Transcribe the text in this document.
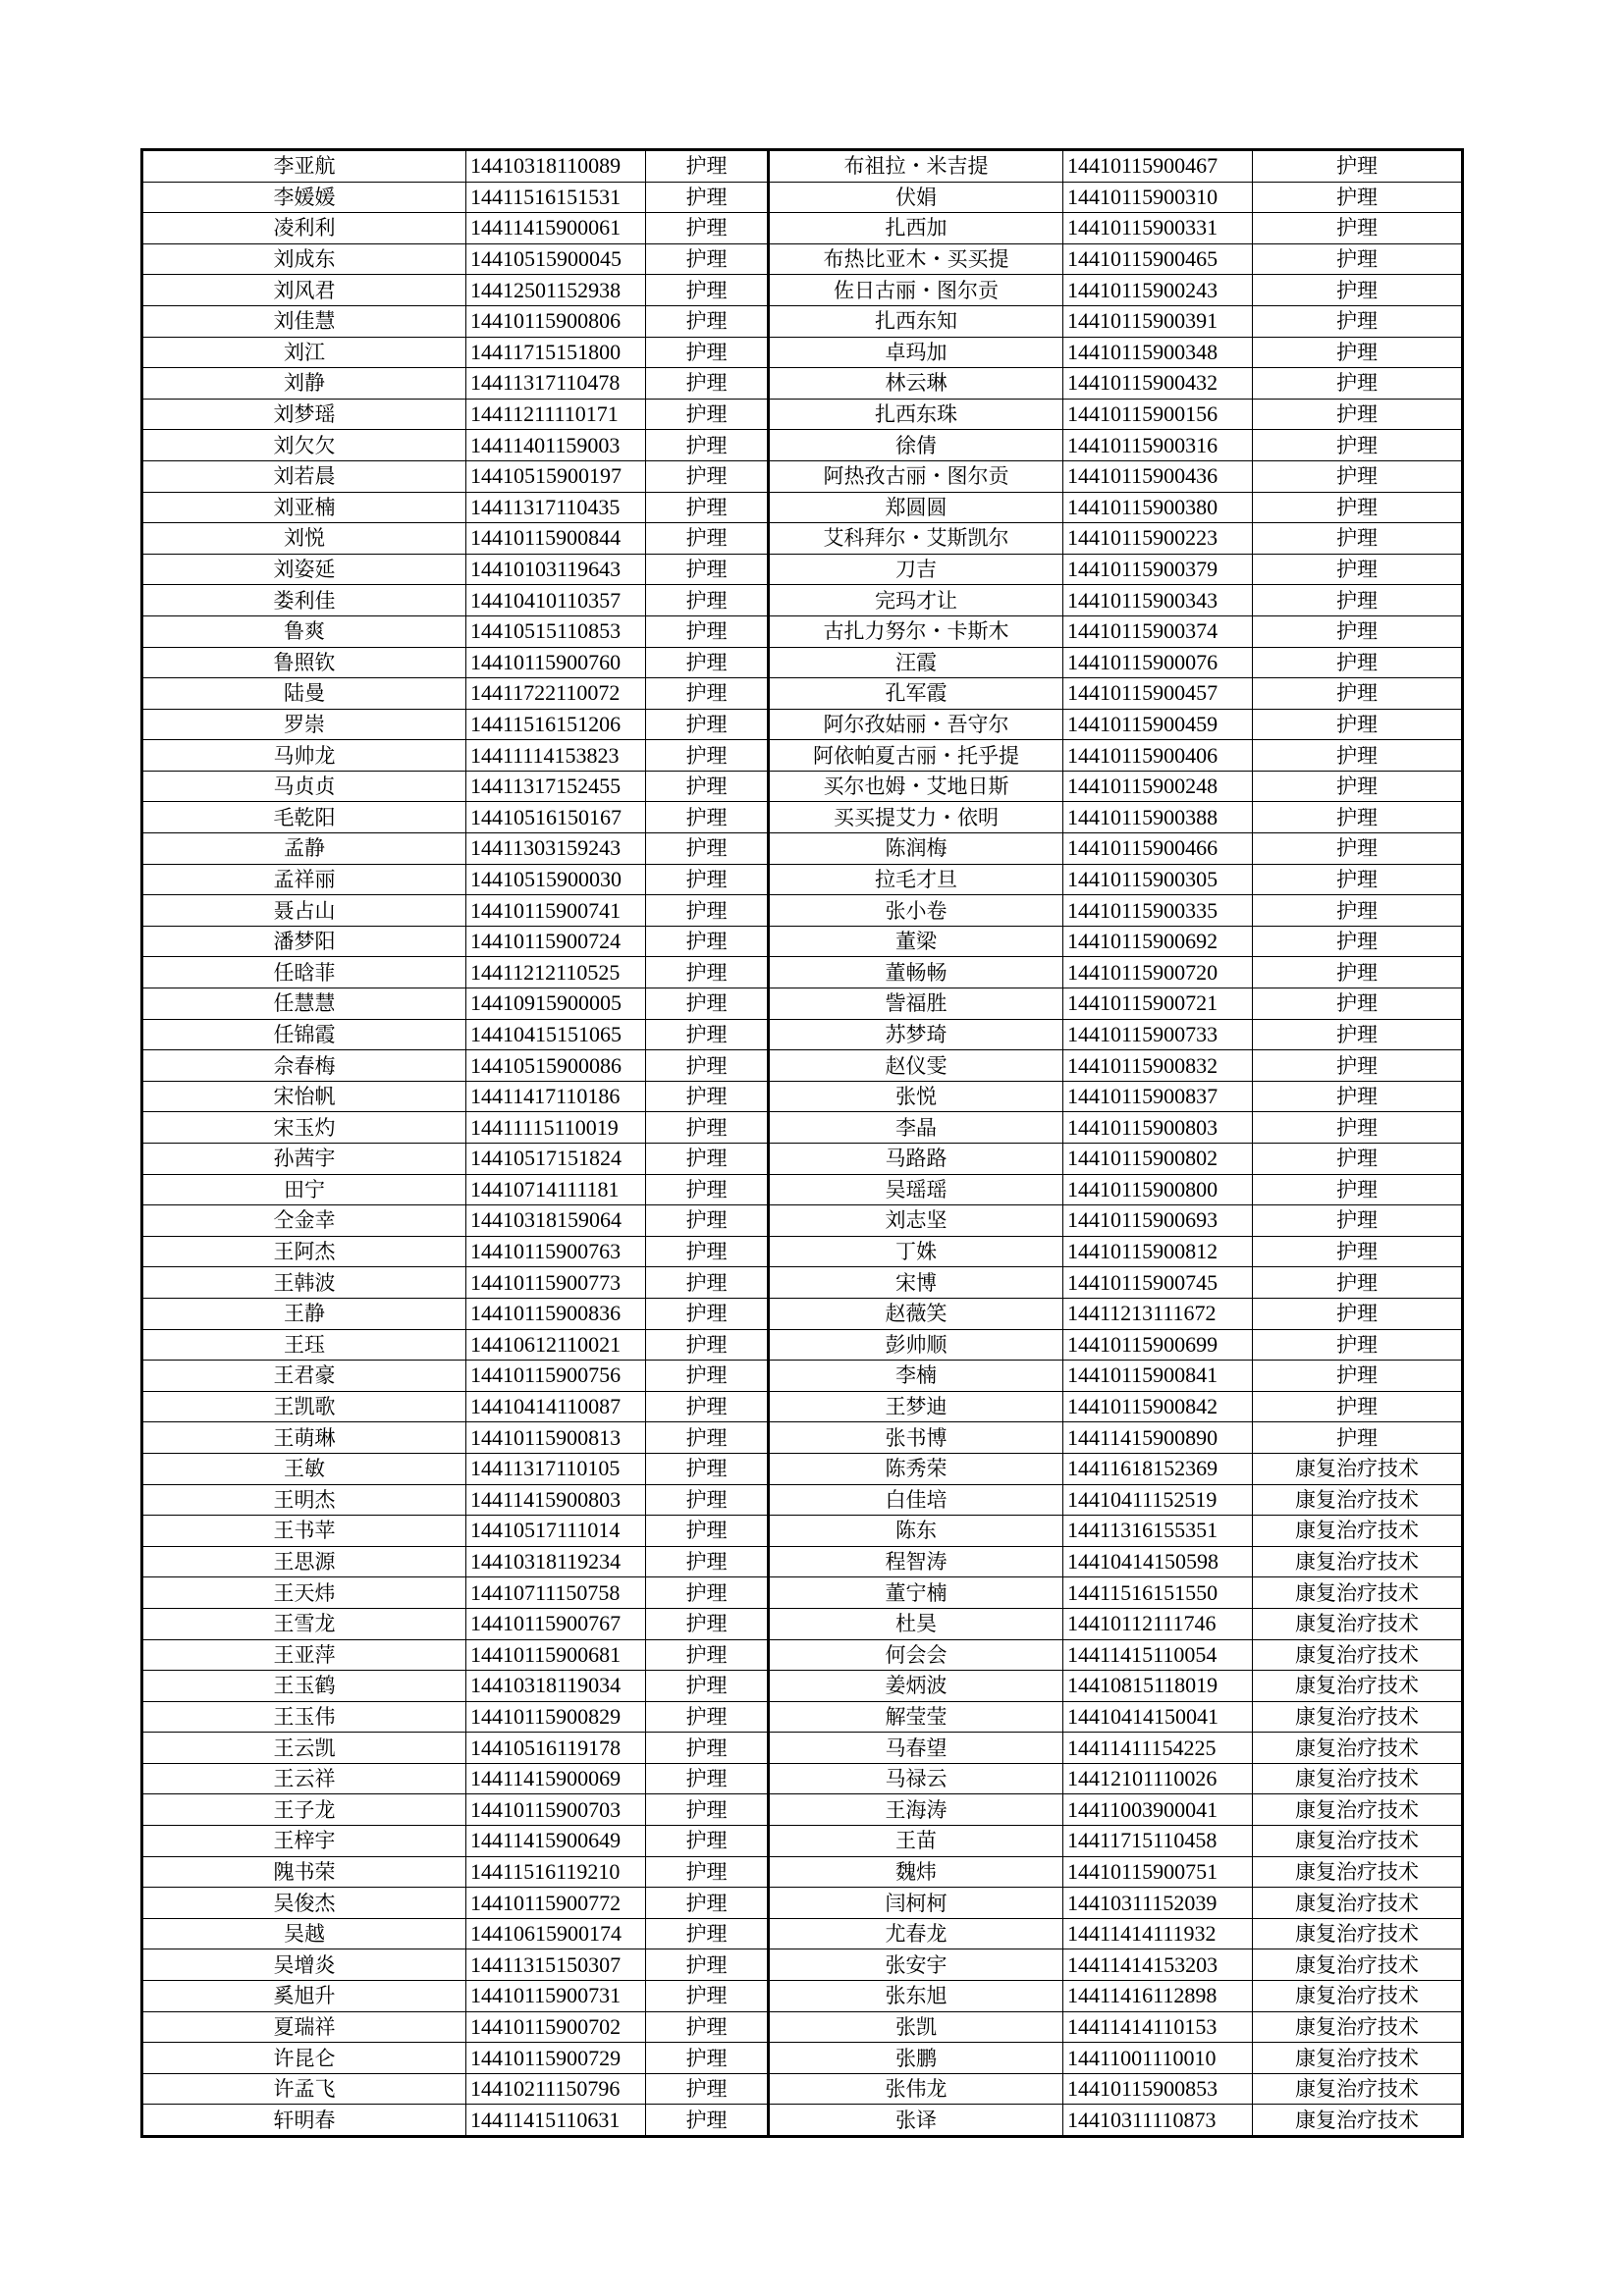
李亚航	14410318110089	护理	布祖拉・米吉提	14410115900467	护理
李媛媛	14411516151531	护理	伏娟	14410115900310	护理
凌利利	14411415900061	护理	扎西加	14410115900331	护理
刘成东	14410515900045	护理	布热比亚木・买买提	14410115900465	护理
刘风君	14412501152938	护理	佐日古丽・图尔贡	14410115900243	护理
刘佳慧	14410115900806	护理	扎西东知	14410115900391	护理
刘江	14411715151800	护理	卓玛加	14410115900348	护理
刘静	14411317110478	护理	林云琳	14410115900432	护理
刘梦瑶	14411211110171	护理	扎西东珠	14410115900156	护理
刘欠欠	14411401159003	护理	徐倩	14410115900316	护理
刘若晨	14410515900197	护理	阿热孜古丽・图尔贡	14410115900436	护理
刘亚楠	14411317110435	护理	郑圆圆	14410115900380	护理
刘悦	14410115900844	护理	艾科拜尔・艾斯凯尔	14410115900223	护理
刘姿延	14410103119643	护理	刀吉	14410115900379	护理
娄利佳	14410410110357	护理	完玛才让	14410115900343	护理
鲁爽	14410515110853	护理	古扎力努尔・卡斯木	14410115900374	护理
鲁照钦	14410115900760	护理	汪霞	14410115900076	护理
陆曼	14411722110072	护理	孔军霞	14410115900457	护理
罗崇	14411516151206	护理	阿尔孜姑丽・吾守尔	14410115900459	护理
马帅龙	14411114153823	护理	阿依帕夏古丽・托乎提	14410115900406	护理
马贞贞	14411317152455	护理	买尔也姆・艾地日斯	14410115900248	护理
毛乾阳	14410516150167	护理	买买提艾力・依明	14410115900388	护理
孟静	14411303159243	护理	陈润梅	14410115900466	护理
孟祥丽	14410515900030	护理	拉毛才旦	14410115900305	护理
聂占山	14410115900741	护理	张小卷	14410115900335	护理
潘梦阳	14410115900724	护理	董梁	14410115900692	护理
任晗菲	14411212110525	护理	董畅畅	14410115900720	护理
任慧慧	14410915900005	护理	訾福胜	14410115900721	护理
任锦霞	14410415151065	护理	苏梦琦	14410115900733	护理
佘春梅	14410515900086	护理	赵仪雯	14410115900832	护理
宋怡帆	14411417110186	护理	张悦	14410115900837	护理
宋玉灼	14411115110019	护理	李晶	14410115900803	护理
孙茜宇	14410517151824	护理	马路路	14410115900802	护理
田宁	14410714111181	护理	吴瑶瑶	14410115900800	护理
仝金幸	14410318159064	护理	刘志坚	14410115900693	护理
王阿杰	14410115900763	护理	丁姝	14410115900812	护理
王韩波	14410115900773	护理	宋博	14410115900745	护理
王静	14410115900836	护理	赵薇笑	14411213111672	护理
王珏	14410612110021	护理	彭帅顺	14410115900699	护理
王君豪	14410115900756	护理	李楠	14410115900841	护理
王凯歌	14410414110087	护理	王梦迪	14410115900842	护理
王萌琳	14410115900813	护理	张书博	14411415900890	护理
王敏	14411317110105	护理	陈秀荣	14411618152369	康复治疗技术
王明杰	14411415900803	护理	白佳培	14410411152519	康复治疗技术
王书苹	14410517111014	护理	陈东	14411316155351	康复治疗技术
王思源	14410318119234	护理	程智涛	14410414150598	康复治疗技术
王天炜	14410711150758	护理	董宁楠	14411516151550	康复治疗技术
王雪龙	14410115900767	护理	杜昊	14410112111746	康复治疗技术
王亚萍	14410115900681	护理	何会会	14411415110054	康复治疗技术
王玉鹤	14410318119034	护理	姜炳波	14410815118019	康复治疗技术
王玉伟	14410115900829	护理	解莹莹	14410414150041	康复治疗技术
王云凯	14410516119178	护理	马春望	14411411154225	康复治疗技术
王云祥	14411415900069	护理	马禄云	14412101110026	康复治疗技术
王子龙	14410115900703	护理	王海涛	14411003900041	康复治疗技术
王梓宇	14411415900649	护理	王苗	14411715110458	康复治疗技术
隗书荣	14411516119210	护理	魏炜	14410115900751	康复治疗技术
吴俊杰	14410115900772	护理	闫柯柯	14410311152039	康复治疗技术
吴越	14410615900174	护理	尤春龙	14411414111932	康复治疗技术
吴增炎	14411315150307	护理	张安宇	14411414153203	康复治疗技术
奚旭升	14410115900731	护理	张东旭	14411416112898	康复治疗技术
夏瑞祥	14410115900702	护理	张凯	14411414110153	康复治疗技术
许昆仑	14410115900729	护理	张鹏	14411001110010	康复治疗技术
许孟飞	14410211150796	护理	张伟龙	14410115900853	康复治疗技术
轩明春	14411415110631	护理	张译	14410311110873	康复治疗技术
